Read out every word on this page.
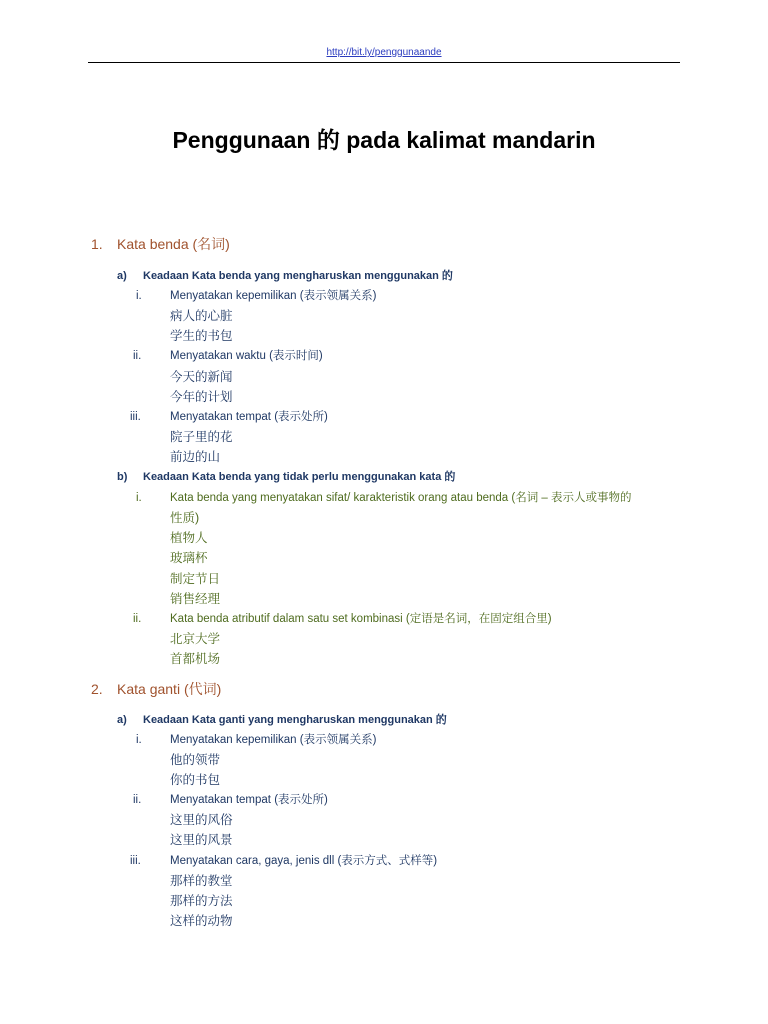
http://bit.ly/penggunaande
Penggunaan 的 pada kalimat mandarin
1. Kata benda (名词)
a) Keadaan Kata benda yang mengharuskan menggunakan 的
i. Menyatakan kepemilikan (表示领属关系)
病人的心脏
学生的书包
ii. Menyatakan waktu (表示时间)
今天的新闻
今年的计划
iii.	Menyatakan tempat (表示处所)
院子里的花
前边的山
b) Keadaan Kata benda yang tidak perlu menggunakan kata 的
i. Kata benda yang menyatakan sifat/ karakteristik orang atau benda (名词 – 表示人或事物的
性质)
植物人
玻璃杯
制定节日
销售经理
ii. Kata benda atributif dalam satu set kombinasi (定语是名词，在固定组合里)
北京大学
首都机场
2. Kata ganti (代词)
a) Keadaan Kata ganti yang mengharuskan menggunakan 的
i. Menyatakan kepemilikan (表示领属关系)
他的领带
你的书包
ii. Menyatakan tempat (表示处所)
这里的风俗
这里的风景
iii.	Menyatakan cara, gaya, jenis dll (表示方式、式样等)
那样的教堂
那样的方法
这样的动物
